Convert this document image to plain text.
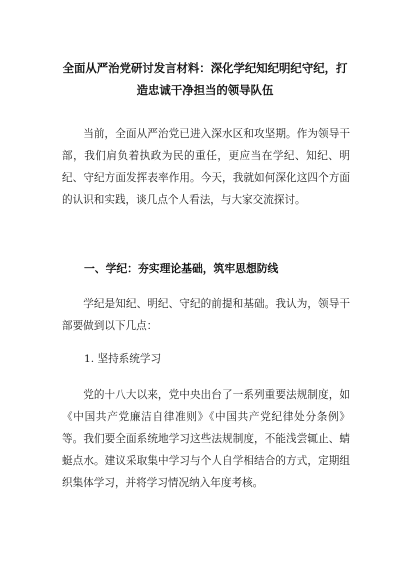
全面从严治党研讨发言材料：深化学纪知纪明纪守纪，打造忠诚干净担当的领导队伍
当前，全面从严治党已进入深水区和攻坚期。作为领导干部，我们肩负着执政为民的重任，更应当在学纪、知纪、明纪、守纪方面发挥表率作用。今天，我就如何深化这四个方面的认识和实践，谈几点个人看法，与大家交流探讨。
一、学纪：夯实理论基础，筑牢思想防线
学纪是知纪、明纪、守纪的前提和基础。我认为，领导干部要做到以下几点：
1. 坚持系统学习
党的十八大以来，党中央出台了一系列重要法规制度，如《中国共产党廉洁自律准则》《中国共产党纪律处分条例》等。我们要全面系统地学习这些法规制度，不能浅尝辄止、蜻蜓点水。建议采取集中学习与个人自学相结合的方式，定期组织集体学习，并将学习情况纳入年度考核。
